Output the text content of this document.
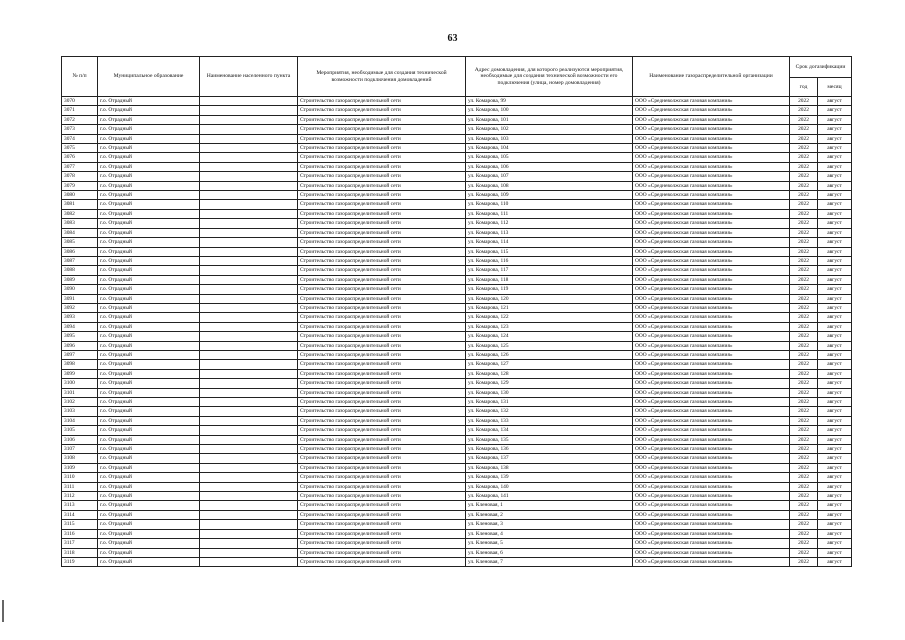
63
№ п/п	Муниципальное образование	Наименование населенного пункта	Мероприятия, необходимые для создания технической возможности подключения домовладений	Адрес домовладения, для которого реализуются мероприятия, необходимые для создания технической возможности его подключения (улица, номер домовладения)	Наименование газораспределительной организации	Срок догазификации	
						год	месяц
3070	г.о. Отрадный		Строительство газораспределительной сети	ул. Комарова, 99	ООО «Средневолжская газовая компания»	2022	август
3071	г.о. Отрадный		Строительство газораспределительной сети	ул. Комарова, 100	ООО «Средневолжская газовая компания»	2022	август
3072	г.о. Отрадный		Строительство газораспределительной сети	ул. Комарова, 101	ООО «Средневолжская газовая компания»	2022	август
3073	г.о. Отрадный		Строительство газораспределительной сети	ул. Комарова, 102	ООО «Средневолжская газовая компания»	2022	август
3074	г.о. Отрадный		Строительство газораспределительной сети	ул. Комарова, 103	ООО «Средневолжская газовая компания»	2022	август
3075	г.о. Отрадный		Строительство газораспределительной сети	ул. Комарова, 104	ООО «Средневолжская газовая компания»	2022	август
3076	г.о. Отрадный		Строительство газораспределительной сети	ул. Комарова, 105	ООО «Средневолжская газовая компания»	2022	август
3077	г.о. Отрадный		Строительство газораспределительной сети	ул. Комарова, 106	ООО «Средневолжская газовая компания»	2022	август
3078	г.о. Отрадный		Строительство газораспределительной сети	ул. Комарова, 107	ООО «Средневолжская газовая компания»	2022	август
3079	г.о. Отрадный		Строительство газораспределительной сети	ул. Комарова, 108	ООО «Средневолжская газовая компания»	2022	август
3080	г.о. Отрадный		Строительство газораспределительной сети	ул. Комарова, 109	ООО «Средневолжская газовая компания»	2022	август
3081	г.о. Отрадный		Строительство газораспределительной сети	ул. Комарова, 110	ООО «Средневолжская газовая компания»	2022	август
3082	г.о. Отрадный		Строительство газораспределительной сети	ул. Комарова, 111	ООО «Средневолжская газовая компания»	2022	август
3083	г.о. Отрадный		Строительство газораспределительной сети	ул. Комарова, 112	ООО «Средневолжская газовая компания»	2022	август
3084	г.о. Отрадный		Строительство газораспределительной сети	ул. Комарова, 113	ООО «Средневолжская газовая компания»	2022	август
3085	г.о. Отрадный		Строительство газораспределительной сети	ул. Комарова, 114	ООО «Средневолжская газовая компания»	2022	август
3086	г.о. Отрадный		Строительство газораспределительной сети	ул. Комарова, 115	ООО «Средневолжская газовая компания»	2022	август
3087	г.о. Отрадный		Строительство газораспределительной сети	ул. Комарова, 116	ООО «Средневолжская газовая компания»	2022	август
3088	г.о. Отрадный		Строительство газораспределительной сети	ул. Комарова, 117	ООО «Средневолжская газовая компания»	2022	август
3089	г.о. Отрадный		Строительство газораспределительной сети	ул. Комарова, 118	ООО «Средневолжская газовая компания»	2022	август
3090	г.о. Отрадный		Строительство газораспределительной сети	ул. Комарова, 119	ООО «Средневолжская газовая компания»	2022	август
3091	г.о. Отрадный		Строительство газораспределительной сети	ул. Комарова, 120	ООО «Средневолжская газовая компания»	2022	август
3092	г.о. Отрадный		Строительство газораспределительной сети	ул. Комарова, 121	ООО «Средневолжская газовая компания»	2022	август
3093	г.о. Отрадный		Строительство газораспределительной сети	ул. Комарова, 122	ООО «Средневолжская газовая компания»	2022	август
3094	г.о. Отрадный		Строительство газораспределительной сети	ул. Комарова, 123	ООО «Средневолжская газовая компания»	2022	август
3095	г.о. Отрадный		Строительство газораспределительной сети	ул. Комарова, 124	ООО «Средневолжская газовая компания»	2022	август
3096	г.о. Отрадный		Строительство газораспределительной сети	ул. Комарова, 125	ООО «Средневолжская газовая компания»	2022	август
3097	г.о. Отрадный		Строительство газораспределительной сети	ул. Комарова, 126	ООО «Средневолжская газовая компания»	2022	август
3098	г.о. Отрадный		Строительство газораспределительной сети	ул. Комарова, 127	ООО «Средневолжская газовая компания»	2022	август
3099	г.о. Отрадный		Строительство газораспределительной сети	ул. Комарова, 128	ООО «Средневолжская газовая компания»	2022	август
3100	г.о. Отрадный		Строительство газораспределительной сети	ул. Комарова, 129	ООО «Средневолжская газовая компания»	2022	август
3101	г.о. Отрадный		Строительство газораспределительной сети	ул. Комарова, 130	ООО «Средневолжская газовая компания»	2022	август
3102	г.о. Отрадный		Строительство газораспределительной сети	ул. Комарова, 131	ООО «Средневолжская газовая компания»	2022	август
3103	г.о. Отрадный		Строительство газораспределительной сети	ул. Комарова, 132	ООО «Средневолжская газовая компания»	2022	август
3104	г.о. Отрадный		Строительство газораспределительной сети	ул. Комарова, 133	ООО «Средневолжская газовая компания»	2022	август
3105	г.о. Отрадный		Строительство газораспределительной сети	ул. Комарова, 134	ООО «Средневолжская газовая компания»	2022	август
3106	г.о. Отрадный		Строительство газораспределительной сети	ул. Комарова, 135	ООО «Средневолжская газовая компания»	2022	август
3107	г.о. Отрадный		Строительство газораспределительной сети	ул. Комарова, 136	ООО «Средневолжская газовая компания»	2022	август
3108	г.о. Отрадный		Строительство газораспределительной сети	ул. Комарова, 137	ООО «Средневолжская газовая компания»	2022	август
3109	г.о. Отрадный		Строительство газораспределительной сети	ул. Комарова, 138	ООО «Средневолжская газовая компания»	2022	август
3110	г.о. Отрадный		Строительство газораспределительной сети	ул. Комарова, 139	ООО «Средневолжская газовая компания»	2022	август
3111	г.о. Отрадный		Строительство газораспределительной сети	ул. Комарова, 140	ООО «Средневолжская газовая компания»	2022	август
3112	г.о. Отрадный		Строительство газораспределительной сети	ул. Комарова, 141	ООО «Средневолжская газовая компания»	2022	август
3113	г.о. Отрадный		Строительство газораспределительной сети	ул. Кленовая, 1	ООО «Средневолжская газовая компания»	2022	август
3114	г.о. Отрадный		Строительство газораспределительной сети	ул. Кленовая, 2	ООО «Средневолжская газовая компания»	2022	август
3115	г.о. Отрадный		Строительство газораспределительной сети	ул. Кленовая, 3	ООО «Средневолжская газовая компания»	2022	август
3116	г.о. Отрадный		Строительство газораспределительной сети	ул. Кленовая, 4	ООО «Средневолжская газовая компания»	2022	август
3117	г.о. Отрадный		Строительство газораспределительной сети	ул. Кленовая, 5	ООО «Средневолжская газовая компания»	2022	август
3118	г.о. Отрадный		Строительство газораспределительной сети	ул. Кленовая, 6	ООО «Средневолжская газовая компания»	2022	август
3119	г.о. Отрадный		Строительство газораспределительной сети	ул. Кленовая, 7	ООО «Средневолжская газовая компания»	2022	август
